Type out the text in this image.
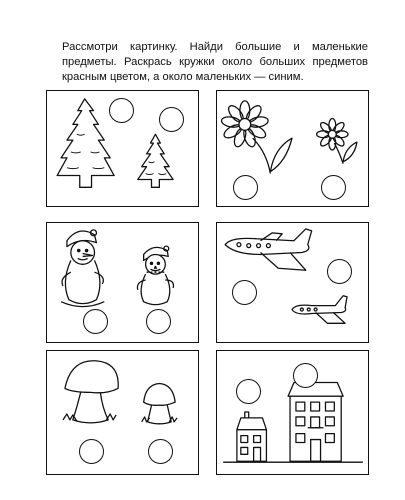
Рассмотри картинку. Найди большие и маленькие предметы. Раскрась кружки около больших предметов красным цветом, а около маленьких — синим.
